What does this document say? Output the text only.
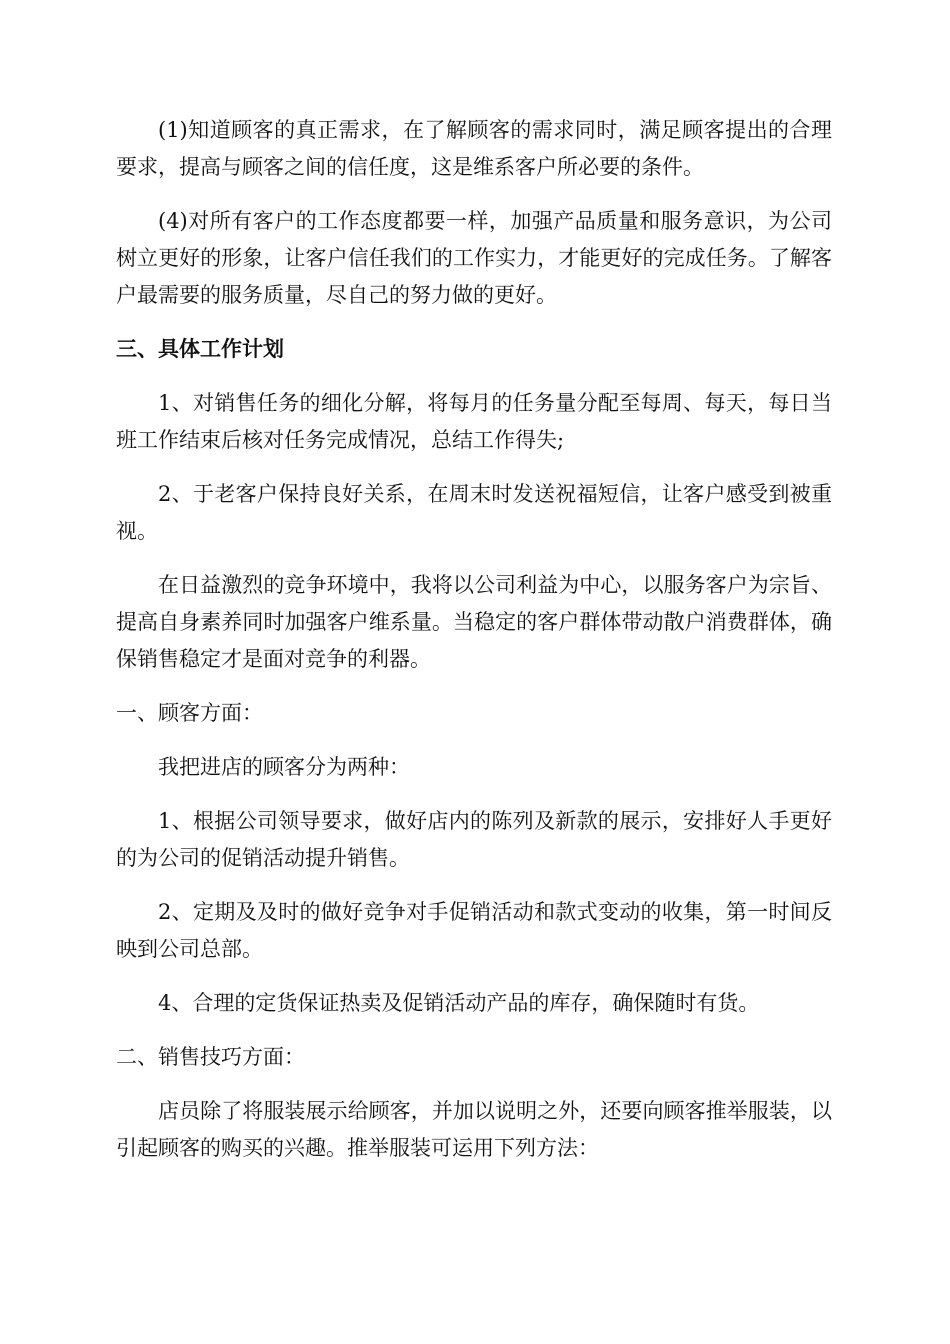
(1)知道顾客的真正需求，在了解顾客的需求同时，满足顾客提出的合理要求，提高与顾客之间的信任度，这是维系客户所必要的条件。

(4)对所有客户的工作态度都要一样，加强产品质量和服务意识，为公司树立更好的形象，让客户信任我们的工作实力，才能更好的完成任务。了解客户最需要的服务质量，尽自己的努力做的更好。

三、具体工作计划

1、对销售任务的细化分解，将每月的任务量分配至每周、每天，每日当班工作结束后核对任务完成情况，总结工作得失;

2、于老客户保持良好关系，在周末时发送祝福短信，让客户感受到被重视。

在日益激烈的竞争环境中，我将以公司利益为中心，以服务客户为宗旨、提高自身素养同时加强客户维系量。当稳定的客户群体带动散户消费群体，确保销售稳定才是面对竞争的利器。

一、顾客方面：

我把进店的顾客分为两种：

1、根据公司领导要求，做好店内的陈列及新款的展示，安排好人手更好的为公司的促销活动提升销售。

2、定期及及时的做好竞争对手促销活动和款式变动的收集，第一时间反映到公司总部。

4、合理的定货保证热卖及促销活动产品的库存，确保随时有货。

二、销售技巧方面：

店员除了将服装展示给顾客，并加以说明之外，还要向顾客推举服装，以引起顾客的购买的兴趣。推举服装可运用下列方法：
